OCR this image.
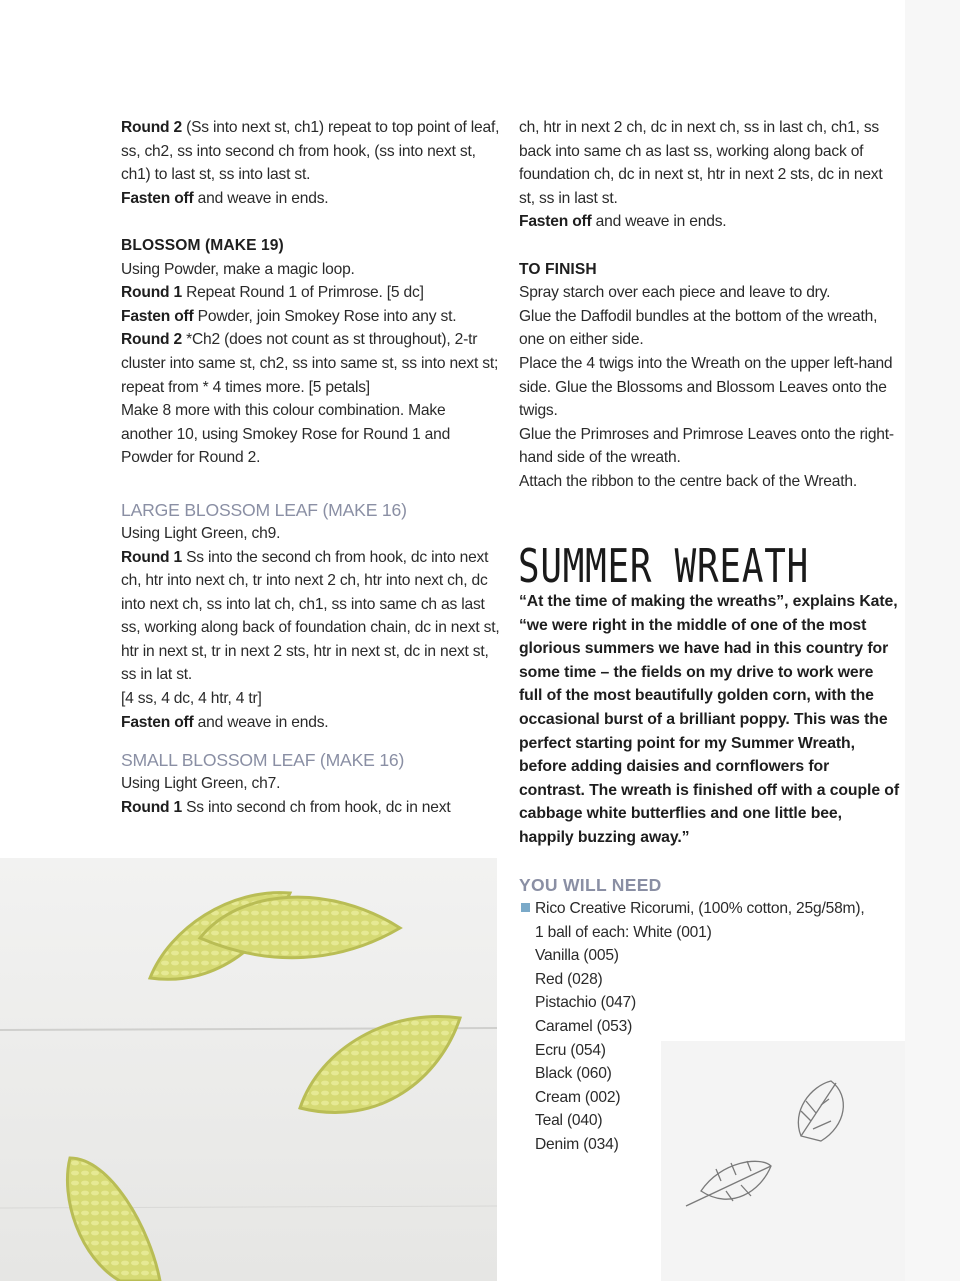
Round 2 (Ss into next st, ch1) repeat to top point of leaf, ss, ch2, ss into second ch from hook, (ss into next st, ch1) to last st, ss into last st.

Fasten off and weave in ends.

BLOSSOM (MAKE 19)

Using Powder, make a magic loop.

Round 1 Repeat Round 1 of Primrose. [5 dc]

Fasten off Powder, join Smokey Rose into any st.

Round 2 *Ch2 (does not count as st throughout), 2-tr cluster into same st, ch2, ss into same st, ss into next st; repeat from * 4 times more. [5 petals]

Make 8 more with this colour combination. Make another 10, using Smokey Rose for Round 1 and Powder for Round 2.

LARGE BLOSSOM LEAF (MAKE 16)

Using Light Green, ch9.

Round 1 Ss into the second ch from hook, dc into next ch, htr into next ch, tr into next 2 ch, htr into next ch, dc into next ch, ss into lat ch, ch1, ss into same ch as last ss, working along back of foundation chain, dc in next st, htr in next st, tr in next 2 sts, htr in next st, dc in next st, ss in lat st.

[4 ss, 4 dc, 4 htr, 4 tr]

Fasten off and weave in ends.

SMALL BLOSSOM LEAF (MAKE 16)

Using Light Green, ch7.

Round 1 Ss into second ch from hook, dc in next

ch, htr in next 2 ch, dc in next ch, ss in last ch, ch1, ss back into same ch as last ss, working along back of foundation ch, dc in next st, htr in next 2 sts, dc in next st, ss in last st.

Fasten off and weave in ends.

TO FINISH

Spray starch over each piece and leave to dry.

Glue the Daffodil bundles at the bottom of the wreath, one on either side.

Place the 4 twigs into the Wreath on the upper left-hand side. Glue the Blossoms and Blossom Leaves onto the twigs.

Glue the Primroses and Primrose Leaves onto the right-hand side of the wreath.

Attach the ribbon to the centre back of the Wreath.

SUMMER WREATH

“At the time of making the wreaths”, explains Kate, “we were right in the middle of one of the most glorious summers we have had in this country for some time – the fields on my drive to work were full of the most beautifully golden corn, with the occasional burst of a brilliant poppy. This was the perfect starting point for my Summer Wreath, before adding daisies and cornflowers for contrast. The wreath is finished off with a couple of cabbage white butterflies and one little bee, happily buzzing away.”

YOU WILL NEED
Rico Creative Ricorumi, (100% cotton, 25g/58m),
1 ball of each: White (001)
Vanilla (005)
Red (028)
Pistachio (047)
Caramel (053)
Ecru (054)
Black (060)
Cream (002)
Teal (040)
Denim (034)
